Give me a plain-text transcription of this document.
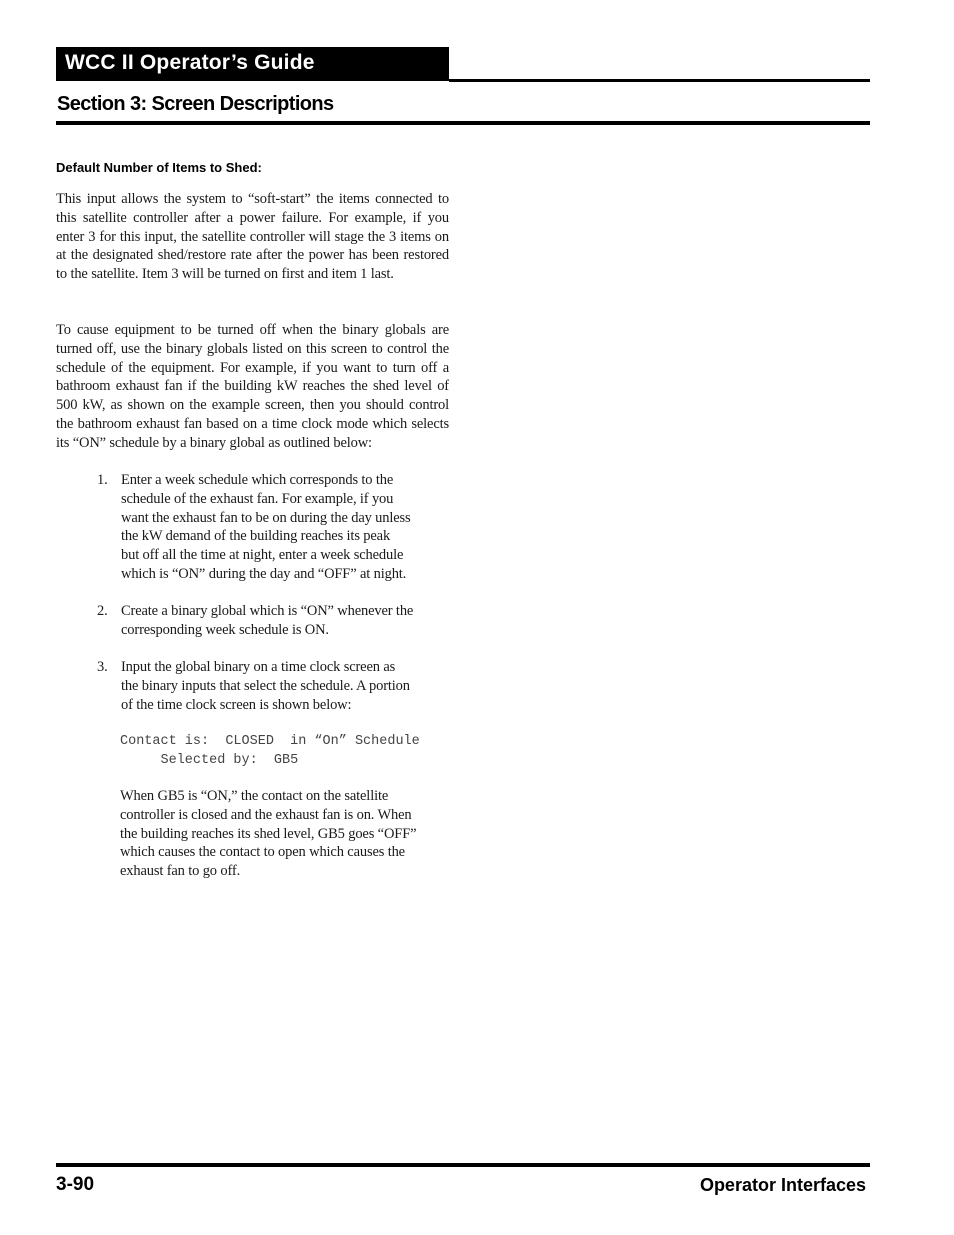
WCC II Operator’s Guide
Section 3: Screen Descriptions
Default Number of Items to Shed:

This input allows the system to “soft-start” the items connected to this satellite controller after a power failure. For example, if you enter 3 for this input, the satellite controller will stage the 3 items on at the designated shed/restore rate after the power has been restored to the satellite. Item 3 will be turned on first and item 1 last.

To cause equipment to be turned off when the binary globals are turned off, use the binary globals listed on this screen to control the schedule of the equipment. For example, if you want to turn off a bathroom exhaust fan if the building kW reaches the shed level of 500 kW, as shown on the example screen, then you should control the bathroom exhaust fan based on a time clock mode which selects its “ON” schedule by a binary global as outlined below:

1. Enter a week schedule which corresponds to the
schedule of the exhaust fan. For example, if you
want the exhaust fan to be on during the day unless
the kW demand of the building reaches its peak
but off all the time at night, enter a week schedule
which is “ON” during the day and “OFF” at night.
2. Create a binary global which is “ON” whenever the
corresponding week schedule is ON.
3. Input the global binary on a time clock screen as
the binary inputs that select the schedule. A portion
of the time clock screen is shown below:
Contact is:  CLOSED  in “On” Schedule
Selected by:  GB5
When GB5 is “ON,” the contact on the satellite
controller is closed and the exhaust fan is on. When
the building reaches its shed level, GB5 goes “OFF”
which causes the contact to open which causes the
exhaust fan to go off.
3-90	Operator Interfaces
